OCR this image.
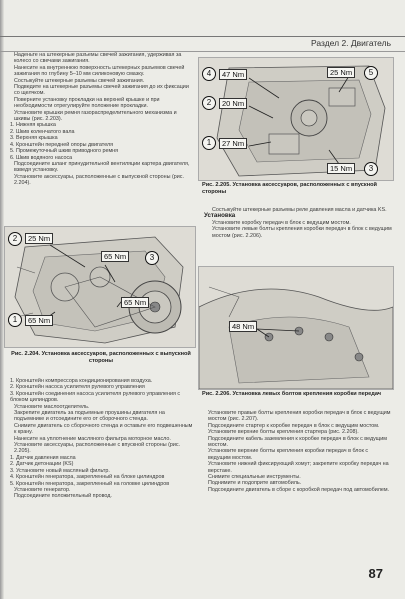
Раздел 2. Двигатель

Наденьте на штекерные разъемы свечей зажигания, удерживая за колесо со свечами зажигания.

Нанесите на внутреннюю поверхность штекерных разъемов свечей зажигания по глубину 5–10 мм силиконовую смазку.

Состыкуйте штекерные разъемы свечей зажигания.

Подведите на штекерные разъемы свечей зажигания до их фиксации со щелчком.

Поверните установку прокладки на верхней крышке и при необходимости отрегулируйте положение прокладки.

Установите крышки ремня газораспределительного механизма и шкивы (рис. 2.203).

1. Нижняя крышка

2. Шкив коленчатого вала

3. Верхняя крышка

4. Кронштейн передней опоры двигателя

5. Промежуточный шкив приводного ремня

6. Шкив водяного насоса

Подсоедините шланг принудительной вентиляции картера двигателя, взведя установку.

Установите аксессуары, расположенные с выпускной стороны (рис. 2.204).

2	25 Nm
65 Nm	3
65 Nm
1	65 Nm
Рис. 2.204. Установка аксессуаров, расположенных с выпускной стороны

1. Кронштейн компрессора кондиционирования воздуха.

2. Кронштейн насоса усилителя рулевого управления

3. Кронштейн соединения насоса усилителя рулевого управления с блоком цилиндров.

Установите маслоотделитель.

Закрепите двигатель за подъемные проушины двигателя на подъемнике и отсоедините его от сборочного стенда.

Снимите двигатель со сборочного стенда и оставьте его подвешенным к крану.

Нанесите на уплотнение масляного фильтра моторное масло.

Установите аксессуары, расположенные с впускной стороны (рис. 2.205).

1. Датчик давления масла

2. Датчик детонации (KS)

3. Установите новый масляный фильтр.

4. Кронштейн генератора, закрепленный на блоке цилиндров

5. Кронштейн генератора, закрепленный на головке цилиндров

Установите генератор.

Подсоедините положительный провод.

4	47 Nm
2	20 Nm
1	27 Nm
25 Nm	5
15 Nm	3
Рис. 2.205. Установка аксессуаров, расположенных с впускной стороны

Состыкуйте штекерные разъемы реле давления масла и датчика KS.

Установка

Установите коробку передач в блок с ведущим мостом.

Установите левые болты крепления коробки передач в блок с ведущим мостом (рис. 2.206).

48 Nm
Рис. 2.206. Установка левых болтов крепления коробки передач

Установите правые болты крепления коробки передач в блок с ведущим мостом (рис. 2.207).

Подсоедините стартер к коробке передач в блок с ведущим мостом.

Установите верхние болты крепления стартера (рис. 2.208).

Подсоедините кабель заземления к коробке передач в блок с ведущим мостом.

Установите верхние болты крепления коробки передач в блок с ведущим мостом.

Установите нижний фиксирующий хомут; закрепите коробку передач на верстаке.

Снимите специальные инструменты.

Поднимите и подоприте автомобиль.

Подсоедините двигатель в сборе с коробкой передач под автомобилем.

87
